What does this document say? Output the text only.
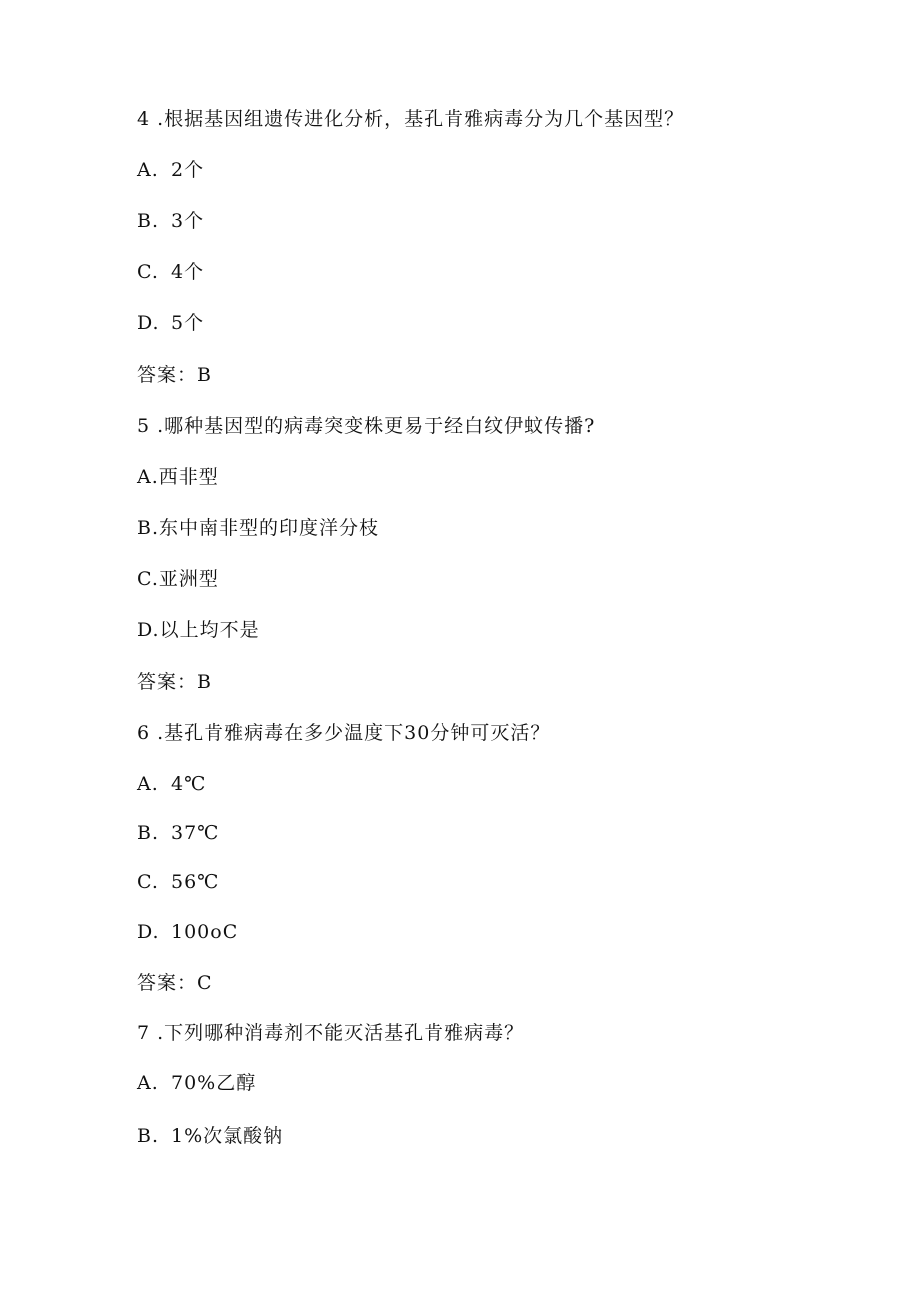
4 .根据基因组遗传进化分析，基孔肯雅病毒分为几个基因型？
A. 2个
B. 3个
C. 4个
D. 5个
答案：B
5 .哪种基因型的病毒突变株更易于经白纹伊蚊传播?
A.西非型
B.东中南非型的印度洋分枝
C.亚洲型
D.以上均不是
答案：B
6 .基孔肯雅病毒在多少温度下30分钟可灭活？
A. 4℃
B. 37℃
C. 56℃
D. 100oC
答案：C
7 .下列哪种消毒剂不能灭活基孔肯雅病毒？
A. 70%乙醇
B. 1%次氯酸钠
